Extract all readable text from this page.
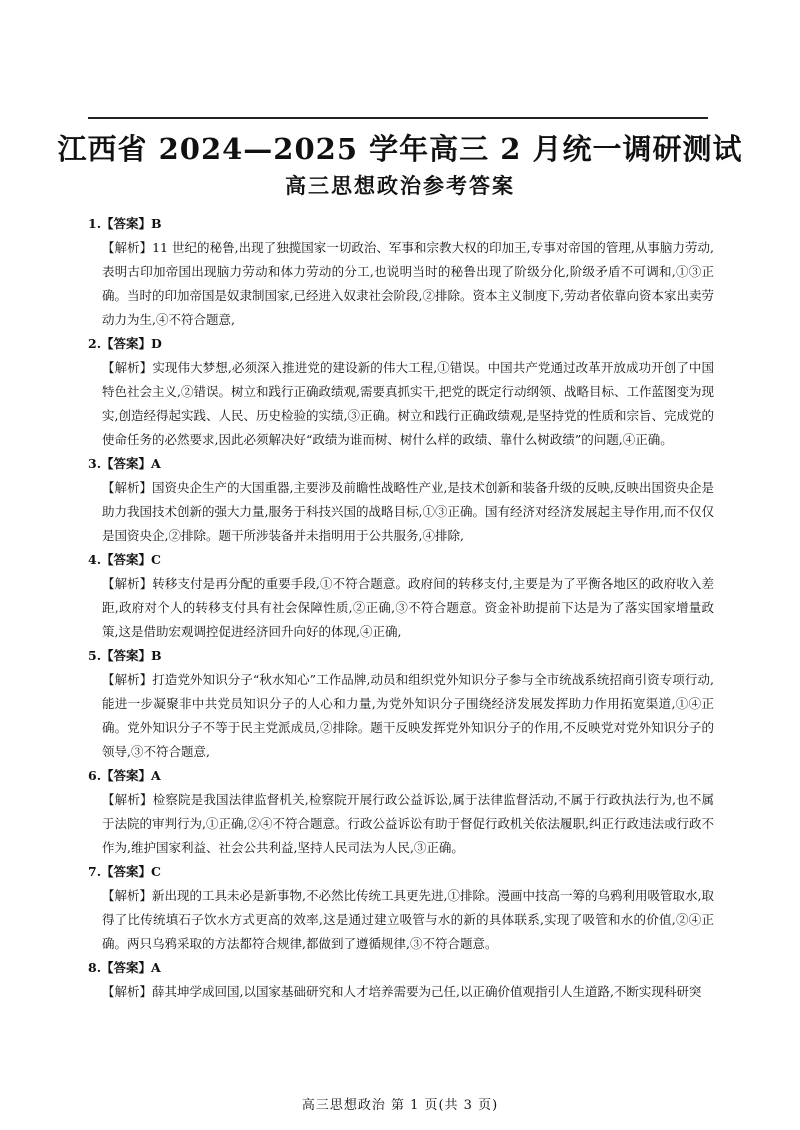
江西省 2024—2025 学年高三 2 月统一调研测试
高三思想政治参考答案

1.【答案】B

【解析】11 世纪的秘鲁,出现了独揽国家一切政治、军事和宗教大权的印加王,专事对帝国的管理,从事脑力劳动,表明古印加帝国出现脑力劳动和体力劳动的分工,也说明当时的秘鲁出现了阶级分化,阶级矛盾不可调和,①③正确。当时的印加帝国是奴隶制国家,已经进入奴隶社会阶段,②排除。资本主义制度下,劳动者依靠向资本家出卖劳动力为生,④不符合题意,

2.【答案】D

【解析】实现伟大梦想,必须深入推进党的建设新的伟大工程,①错误。中国共产党通过改革开放成功开创了中国特色社会主义,②错误。树立和践行正确政绩观,需要真抓实干,把党的既定行动纲领、战略目标、工作蓝图变为现实,创造经得起实践、人民、历史检验的实绩,③正确。树立和践行正确政绩观,是坚持党的性质和宗旨、完成党的使命任务的必然要求,因此必须解决好“政绩为谁而树、树什么样的政绩、靠什么树政绩”的问题,④正确。

3.【答案】A

【解析】国资央企生产的大国重器,主要涉及前瞻性战略性产业,是技术创新和装备升级的反映,反映出国资央企是助力我国技术创新的强大力量,服务于科技兴国的战略目标,①③正确。国有经济对经济发展起主导作用,而不仅仅是国资央企,②排除。题干所涉装备并未指明用于公共服务,④排除,

4.【答案】C

【解析】转移支付是再分配的重要手段,①不符合题意。政府间的转移支付,主要是为了平衡各地区的政府收入差距,政府对个人的转移支付具有社会保障性质,②正确,③不符合题意。资金补助提前下达是为了落实国家增量政策,这是借助宏观调控促进经济回升向好的体现,④正确,

5.【答案】B

【解析】打造党外知识分子“秋水知心”工作品牌,动员和组织党外知识分子参与全市统战系统招商引资专项行动,能进一步凝聚非中共党员知识分子的人心和力量,为党外知识分子围绕经济发展发挥助力作用拓宽渠道,①④正确。党外知识分子不等于民主党派成员,②排除。题干反映发挥党外知识分子的作用,不反映党对党外知识分子的领导,③不符合题意,

6.【答案】A

【解析】检察院是我国法律监督机关,检察院开展行政公益诉讼,属于法律监督活动,不属于行政执法行为,也不属于法院的审判行为,①正确,②④不符合题意。行政公益诉讼有助于督促行政机关依法履职,纠正行政违法或行政不作为,维护国家利益、社会公共利益,坚持人民司法为人民,③正确。

7.【答案】C

【解析】新出现的工具未必是新事物,不必然比传统工具更先进,①排除。漫画中技高一筹的乌鸦利用吸管取水,取得了比传统填石子饮水方式更高的效率,这是通过建立吸管与水的新的具体联系,实现了吸管和水的价值,②④正确。两只乌鸦采取的方法都符合规律,都做到了遵循规律,③不符合题意。

8.【答案】A

【解析】薛其坤学成回国,以国家基础研究和人才培养需要为己任,以正确价值观指引人生道路,不断实现科研突

高三思想政治 第 1 页(共 3 页)
